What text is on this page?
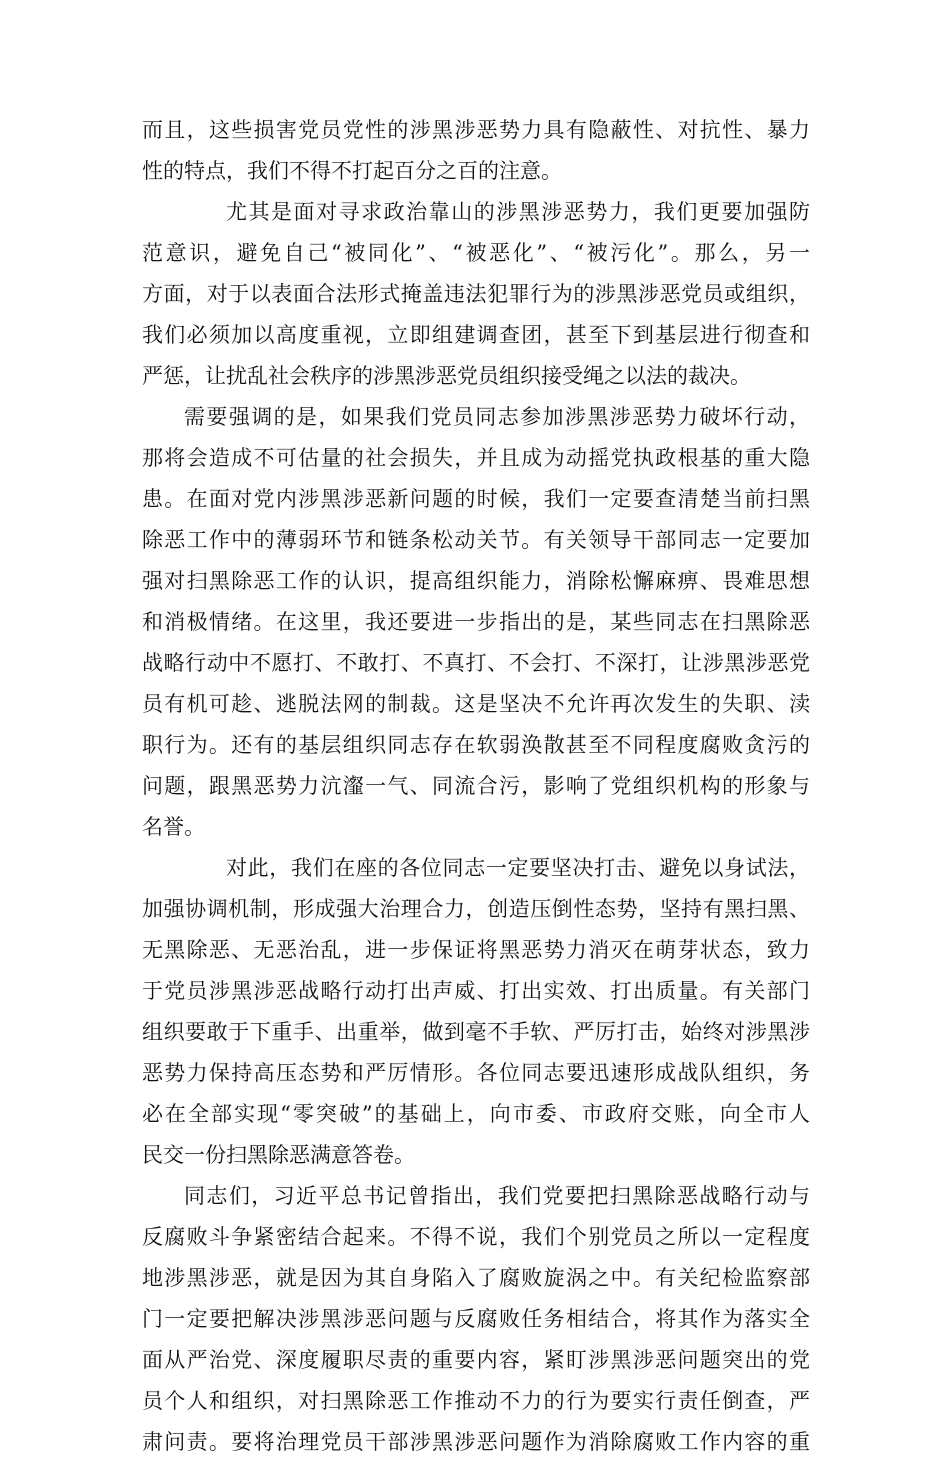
而且，这些损害党员党性的涉黑涉恶势力具有隐蔽性、对抗性、暴力
性的特点，我们不得不打起百分之百的注意。
尤其是面对寻求政治靠山的涉黑涉恶势力，我们更要加强防
范意识，避免自己“被同化”、“被恶化”、“被污化”。那么，另一
方面，对于以表面合法形式掩盖违法犯罪行为的涉黑涉恶党员或组织，
我们必须加以高度重视，立即组建调查团，甚至下到基层进行彻查和
严惩，让扰乱社会秩序的涉黑涉恶党员组织接受绳之以法的裁决。
需要强调的是，如果我们党员同志参加涉黑涉恶势力破坏行动，
那将会造成不可估量的社会损失，并且成为动摇党执政根基的重大隐
患。在面对党内涉黑涉恶新问题的时候，我们一定要查清楚当前扫黑
除恶工作中的薄弱环节和链条松动关节。有关领导干部同志一定要加
强对扫黑除恶工作的认识，提高组织能力，消除松懈麻痹、畏难思想
和消极情绪。在这里，我还要进一步指出的是，某些同志在扫黑除恶
战略行动中不愿打、不敢打、不真打、不会打、不深打，让涉黑涉恶党
员有机可趁、逃脱法网的制裁。这是坚决不允许再次发生的失职、渎
职行为。还有的基层组织同志存在软弱涣散甚至不同程度腐败贪污的
问题，跟黑恶势力沆瀣一气、同流合污，影响了党组织机构的形象与
名誉。
对此，我们在座的各位同志一定要坚决打击、避免以身试法，
加强协调机制，形成强大治理合力，创造压倒性态势，坚持有黑扫黑、
无黑除恶、无恶治乱，进一步保证将黑恶势力消灭在萌芽状态，致力
于党员涉黑涉恶战略行动打出声威、打出实效、打出质量。有关部门
组织要敢于下重手、出重举，做到毫不手软、严厉打击，始终对涉黑涉
恶势力保持高压态势和严厉情形。各位同志要迅速形成战队组织，务
必在全部实现“零突破”的基础上，向市委、市政府交账，向全市人
民交一份扫黑除恶满意答卷。
同志们，习近平总书记曾指出，我们党要把扫黑除恶战略行动与
反腐败斗争紧密结合起来。不得不说，我们个别党员之所以一定程度
地涉黑涉恶，就是因为其自身陷入了腐败旋涡之中。有关纪检监察部
门一定要把解决涉黑涉恶问题与反腐败任务相结合，将其作为落实全
面从严治党、深度履职尽责的重要内容，紧盯涉黑涉恶问题突出的党
员个人和组织，对扫黑除恶工作推动不力的行为要实行责任倒查，严
肃问责。要将治理党员干部涉黑涉恶问题作为消除腐败工作内容的重
